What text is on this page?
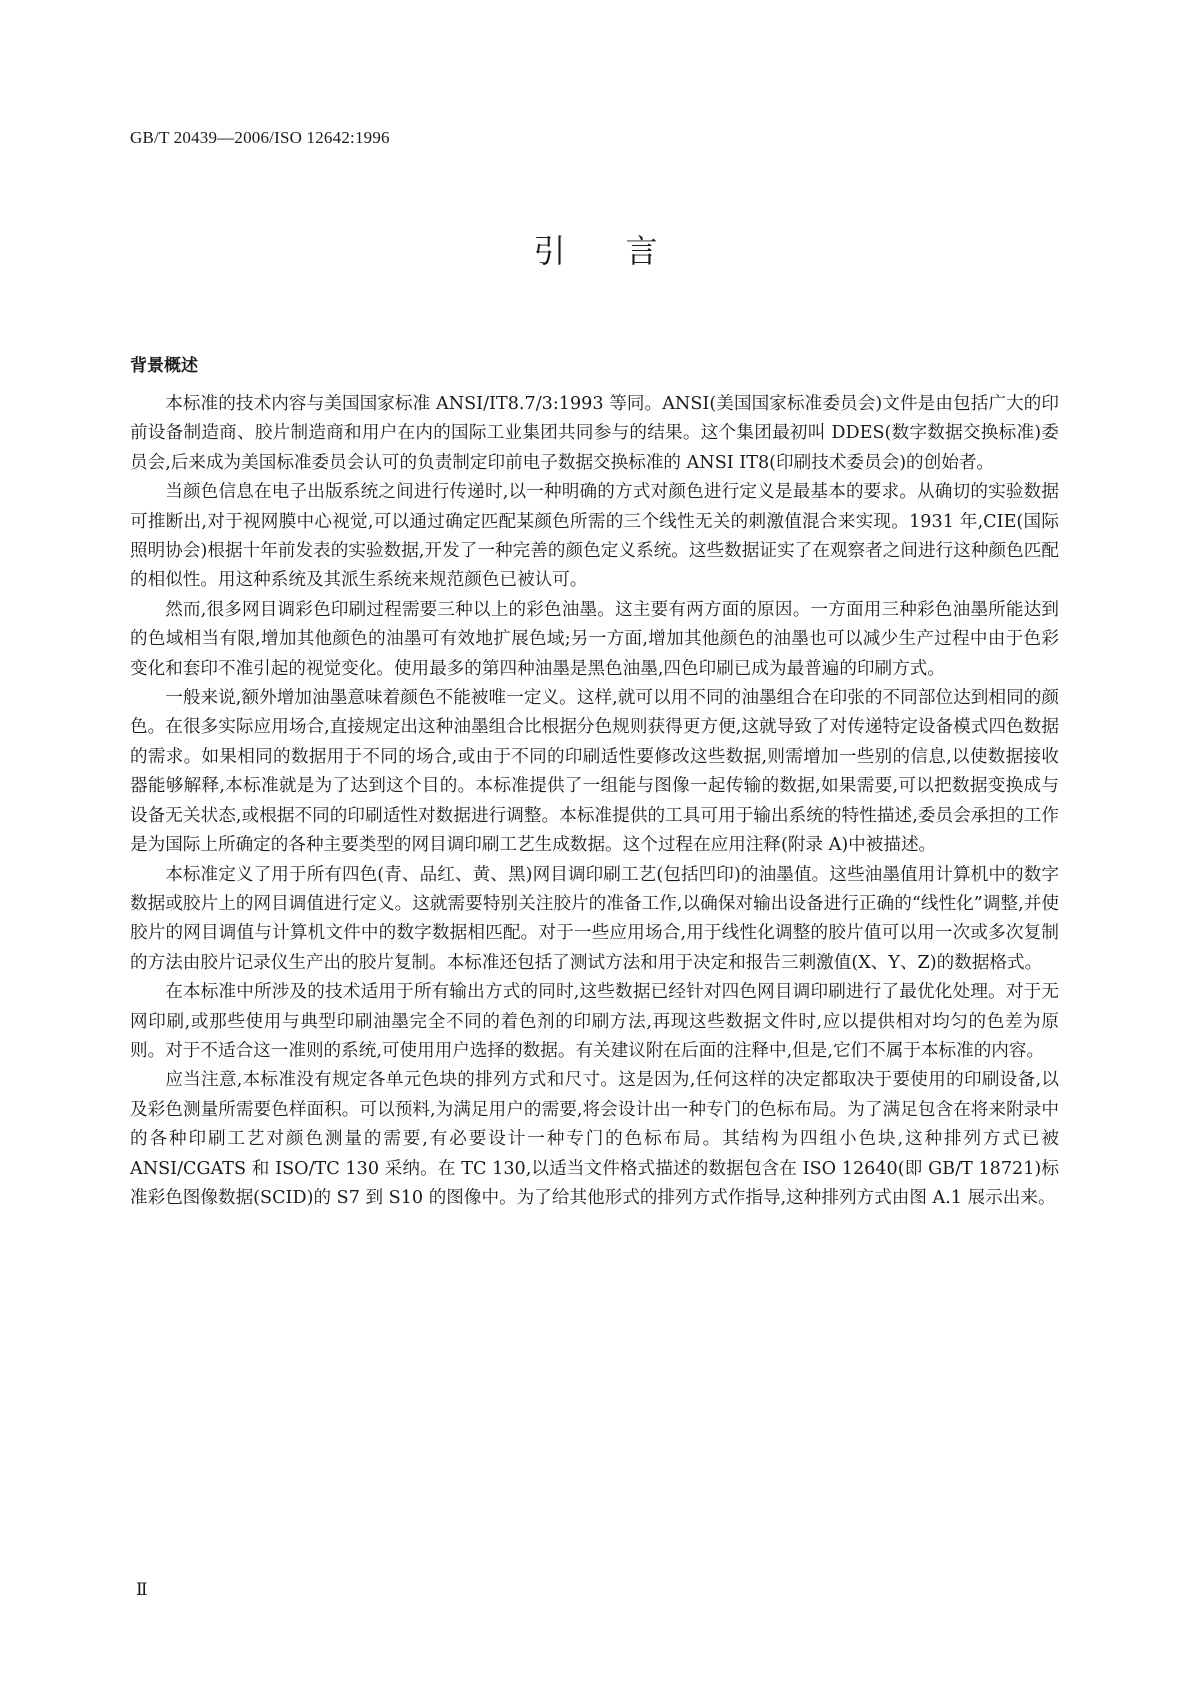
GB/T 20439—2006/ISO 12642:1996
引言
背景概述

本标准的技术内容与美国国家标准 ANSI/IT8.7/3:1993 等同。ANSI(美国国家标准委员会)文件是由包括广大的印前设备制造商、胶片制造商和用户在内的国际工业集团共同参与的结果。这个集团最初叫 DDES(数字数据交换标准)委员会,后来成为美国标准委员会认可的负责制定印前电子数据交换标准的 ANSI IT8(印刷技术委员会)的创始者。

当颜色信息在电子出版系统之间进行传递时,以一种明确的方式对颜色进行定义是最基本的要求。从确切的实验数据可推断出,对于视网膜中心视觉,可以通过确定匹配某颜色所需的三个线性无关的刺激值混合来实现。1931 年,CIE(国际照明协会)根据十年前发表的实验数据,开发了一种完善的颜色定义系统。这些数据证实了在观察者之间进行这种颜色匹配的相似性。用这种系统及其派生系统来规范颜色已被认可。

然而,很多网目调彩色印刷过程需要三种以上的彩色油墨。这主要有两方面的原因。一方面用三种彩色油墨所能达到的色域相当有限,增加其他颜色的油墨可有效地扩展色域;另一方面,增加其他颜色的油墨也可以减少生产过程中由于色彩变化和套印不准引起的视觉变化。使用最多的第四种油墨是黑色油墨,四色印刷已成为最普遍的印刷方式。

一般来说,额外增加油墨意味着颜色不能被唯一定义。这样,就可以用不同的油墨组合在印张的不同部位达到相同的颜色。在很多实际应用场合,直接规定出这种油墨组合比根据分色规则获得更方便,这就导致了对传递特定设备模式四色数据的需求。如果相同的数据用于不同的场合,或由于不同的印刷适性要修改这些数据,则需增加一些别的信息,以使数据接收器能够解释,本标准就是为了达到这个目的。本标准提供了一组能与图像一起传输的数据,如果需要,可以把数据变换成与设备无关状态,或根据不同的印刷适性对数据进行调整。本标准提供的工具可用于输出系统的特性描述,委员会承担的工作是为国际上所确定的各种主要类型的网目调印刷工艺生成数据。这个过程在应用注释(附录 A)中被描述。

本标准定义了用于所有四色(青、品红、黄、黑)网目调印刷工艺(包括凹印)的油墨值。这些油墨值用计算机中的数字数据或胶片上的网目调值进行定义。这就需要特别关注胶片的准备工作,以确保对输出设备进行正确的“线性化”调整,并使胶片的网目调值与计算机文件中的数字数据相匹配。对于一些应用场合,用于线性化调整的胶片值可以用一次或多次复制的方法由胶片记录仪生产出的胶片复制。本标准还包括了测试方法和用于决定和报告三刺激值(X、Y、Z)的数据格式。

在本标准中所涉及的技术适用于所有输出方式的同时,这些数据已经针对四色网目调印刷进行了最优化处理。对于无网印刷,或那些使用与典型印刷油墨完全不同的着色剂的印刷方法,再现这些数据文件时,应以提供相对均匀的色差为原则。对于不适合这一准则的系统,可使用用户选择的数据。有关建议附在后面的注释中,但是,它们不属于本标准的内容。

应当注意,本标准没有规定各单元色块的排列方式和尺寸。这是因为,任何这样的决定都取决于要使用的印刷设备,以及彩色测量所需要色样面积。可以预料,为满足用户的需要,将会设计出一种专门的色标布局。为了满足包含在将来附录中的各种印刷工艺对颜色测量的需要,有必要设计一种专门的色标布局。其结构为四组小色块,这种排列方式已被 ANSI/CGATS 和 ISO/TC 130 采纳。在 TC 130,以适当文件格式描述的数据包含在 ISO 12640(即 GB/T 18721)标准彩色图像数据(SCID)的 S7 到 S10 的图像中。为了给其他形式的排列方式作指导,这种排列方式由图 A.1 展示出来。

Ⅱ
